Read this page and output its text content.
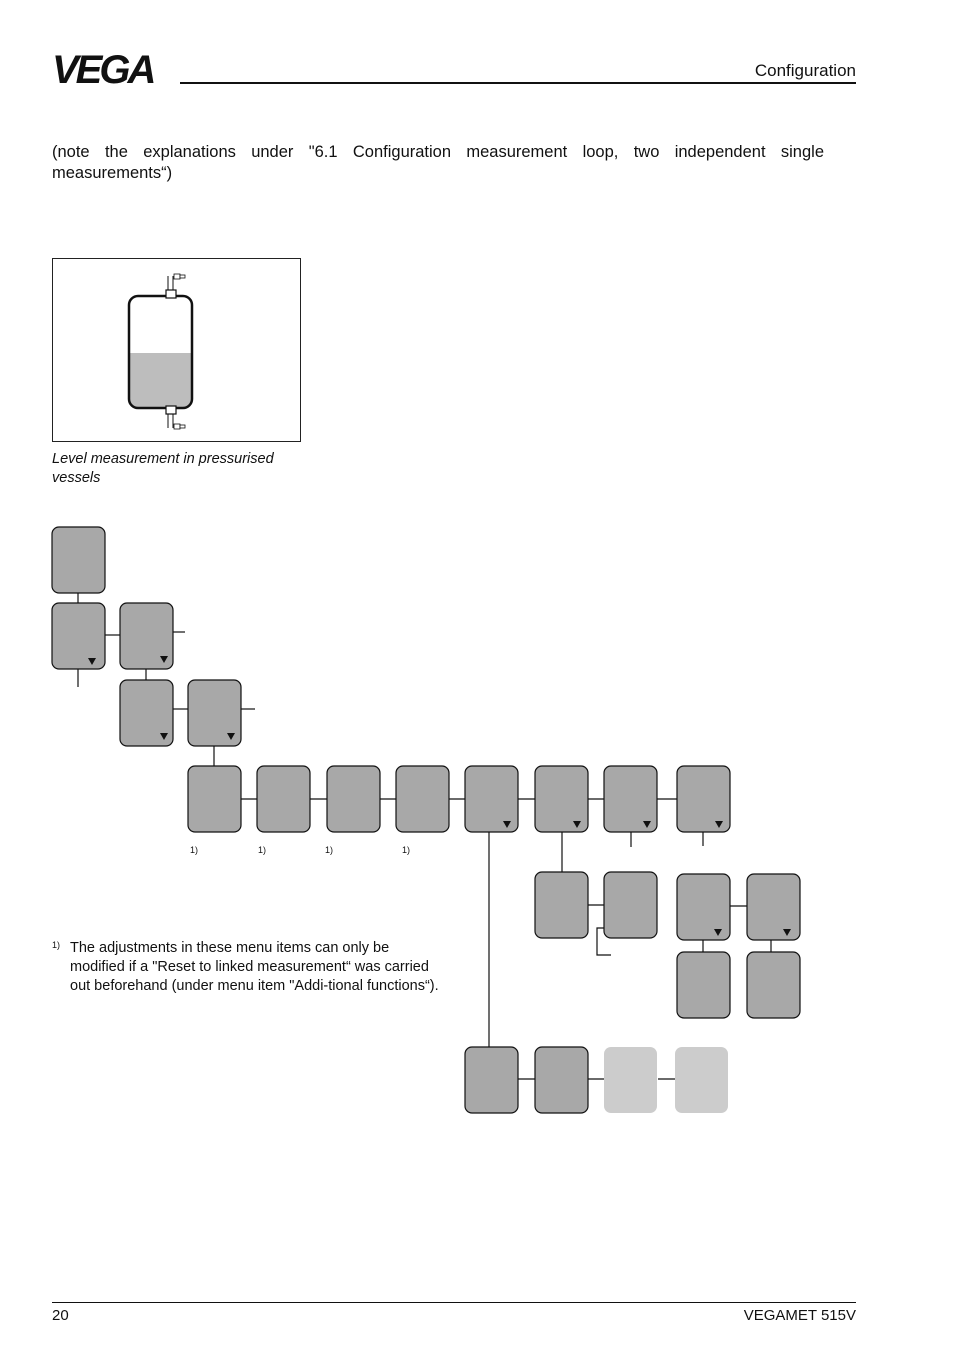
VEGA	Configuration
(note the explanations under "6.1 Configuration measurement loop, two independent single measurements“)
Level measurement in pressurised vessels
1)	1)	1)	1)
1) The adjustments in these menu items can only be modified if a "Reset to linked measurement“ was carried out beforehand (under menu item "Addi-tional functions“).
20	VEGAMET 515V
